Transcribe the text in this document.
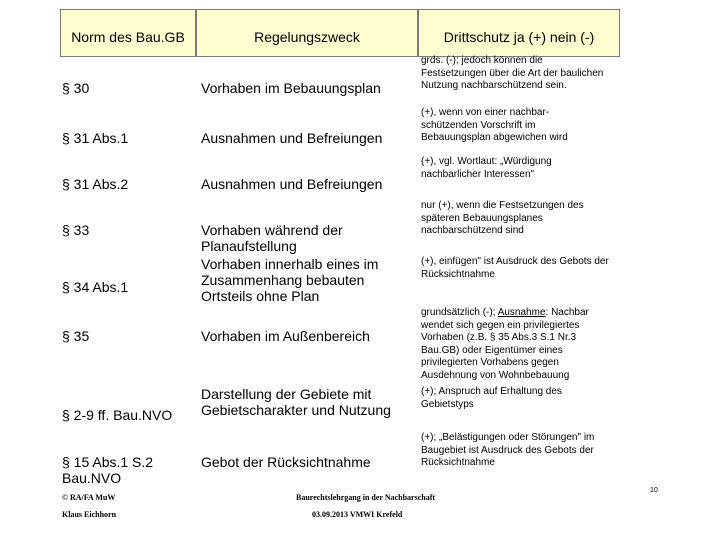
Norm des Bau.GB	Regelungszweck	Drittschutz ja (+) nein (-)
§ 30
§ 31 Abs.1
§ 31 Abs.2
§ 33
§ 34 Abs.1
§ 35
§ 2-9 ff. Bau.NVO
§ 15 Abs.1 S.2 Bau.NVO
Vorhaben im Bebauungsplan
Ausnahmen und Befreiungen
Ausnahmen und Befreiungen
Vorhaben während der Planaufstellung
Vorhaben innerhalb eines im Zusammenhang bebauten Ortsteils ohne Plan
Vorhaben im Außenbereich
Darstellung der Gebiete mit Gebietscharakter und Nutzung
Gebot der Rücksichtnahme
grds. (-); jedoch können die Festsetzungen über die Art der baulichen Nutzung nachbarschützend sein.
(+), wenn von einer nachbar-schützenden Vorschrift im Bebauungsplan abgewichen wird
(+), vgl. Wortlaut: „Würdigung nachbarlicher Interessen"
nur (+), wenn die Festsetzungen des späteren Bebauungsplanes nachbarschützend sind
(+), einfügen" ist Ausdruck des Gebots der Rücksichtnahme
grundsätzlich (-); Ausnahme: Nachbar wendet sich gegen ein privilegiertes Vorhaben (z.B. § 35 Abs.3 S.1 Nr.3 Bau.GB) oder Eigentümer eines privilegierten Vorhabens gegen Ausdehnung von Wohnbebauung
(+); Anspruch auf Erhaltung des Gebietstyps
(+); „Belästigungen oder Störungen" im Baugebiet ist Ausdruck des Gebots der Rücksichtnahme
© RA/FA MuW
Klaus Eichhorn
Baurechtslehrgang in der Nachbarschaft
03.09.2013 VMWI Krefeld
10
